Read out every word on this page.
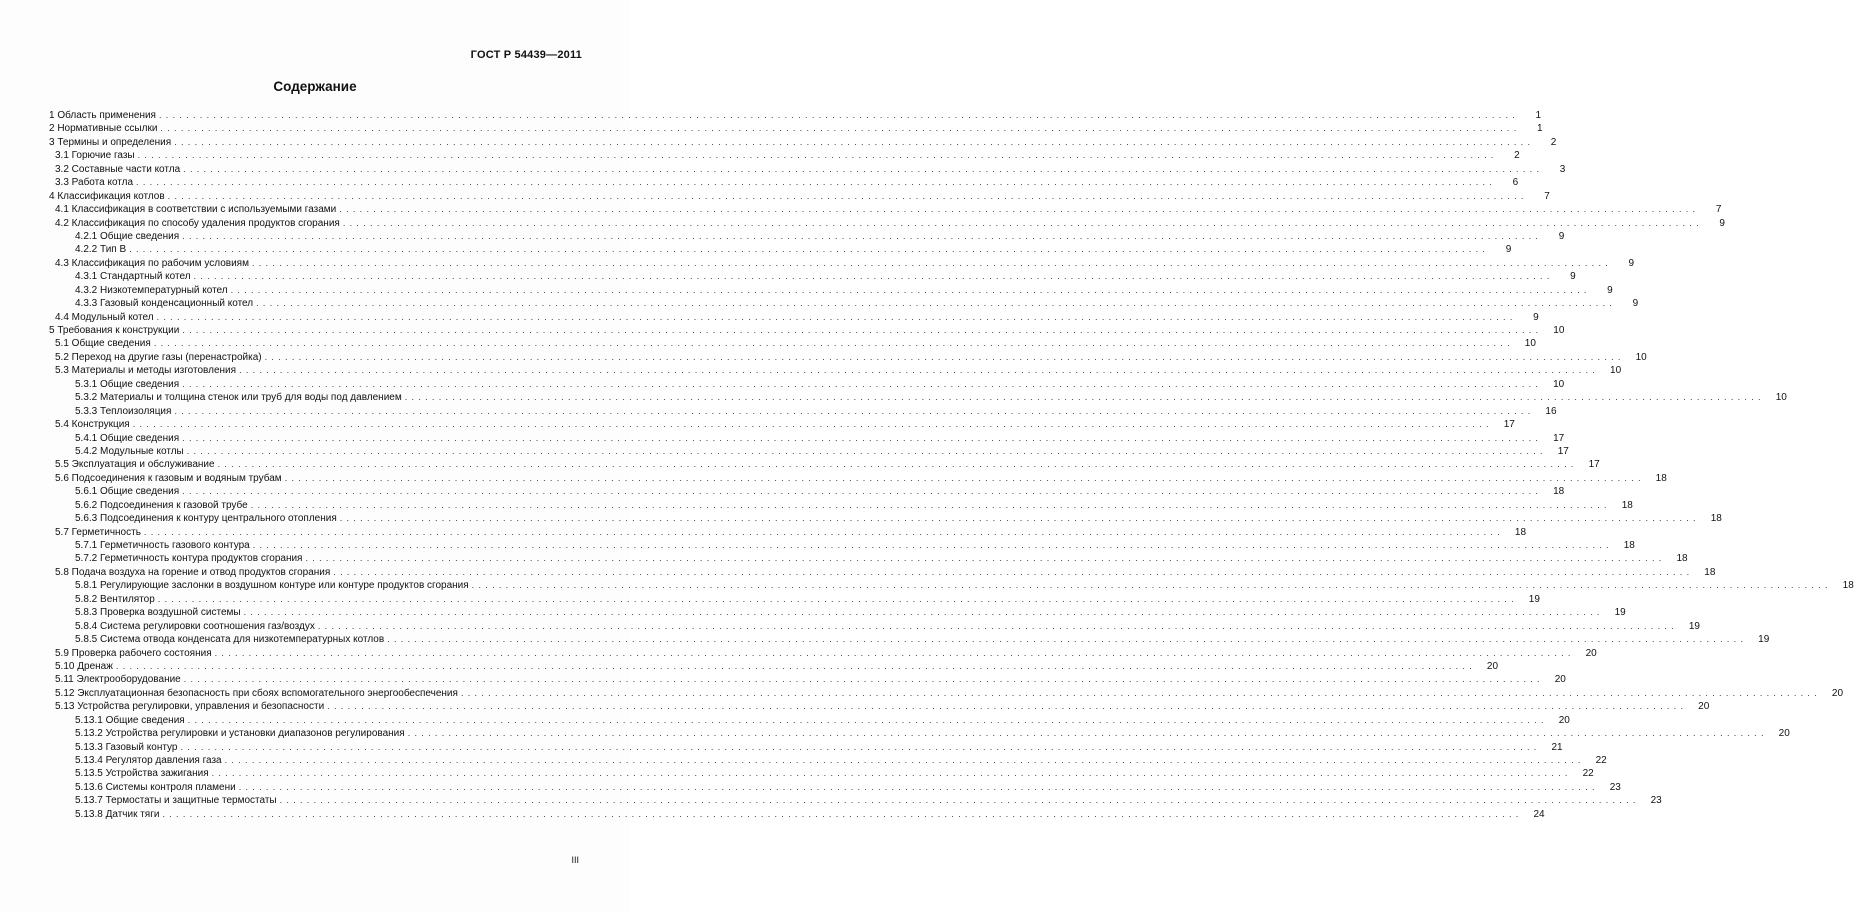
ГОСТ Р 54439—2011
Содержание
1 Область применения ........................................................................................................................................................................................................	1
2 Нормативные ссылки ........................................................................................................................................................................................................	1
3 Термины и определения ........................................................................................................................................................................................................	2
3.1 Горючие газы ........................................................................................................................................................................................................	2
3.2 Составные части котла ........................................................................................................................................................................................................	3
3.3 Работа котла ........................................................................................................................................................................................................	6
4 Классификация котлов ........................................................................................................................................................................................................	7
4.1 Классификация в соответствии с используемыми газами ........................................................................................................................................................................................................	7
4.2 Классификация по способу удаления продуктов сгорания ........................................................................................................................................................................................................	9
4.2.1 Общие сведения ........................................................................................................................................................................................................	9
4.2.2 Тип В ........................................................................................................................................................................................................	9
4.3 Классификация по рабочим условиям ........................................................................................................................................................................................................	9
4.3.1 Стандартный котел ........................................................................................................................................................................................................	9
4.3.2 Низкотемпературный котел ........................................................................................................................................................................................................	9
4.3.3 Газовый конденсационный котел ........................................................................................................................................................................................................	9
4.4 Модульный котел ........................................................................................................................................................................................................	9
5 Требования к конструкции ........................................................................................................................................................................................................	10
5.1 Общие сведения ........................................................................................................................................................................................................	10
5.2 Переход на другие газы (перенастройка) ........................................................................................................................................................................................................	10
5.3 Материалы и методы изготовления ........................................................................................................................................................................................................	10
5.3.1 Общие сведения ........................................................................................................................................................................................................	10
5.3.2 Материалы и толщина стенок или труб для воды под давлением ........................................................................................................................................................................................................	10
5.3.3 Теплоизоляция ........................................................................................................................................................................................................	16
5.4 Конструкция ........................................................................................................................................................................................................	17
5.4.1 Общие сведения ........................................................................................................................................................................................................	17
5.4.2 Модульные котлы ........................................................................................................................................................................................................	17
5.5 Эксплуатация и обслуживание ........................................................................................................................................................................................................	17
5.6 Подсоединения к газовым и водяным трубам ........................................................................................................................................................................................................	18
5.6.1 Общие сведения ........................................................................................................................................................................................................	18
5.6.2 Подсоединения к газовой трубе ........................................................................................................................................................................................................	18
5.6.3 Подсоединения к контуру центрального отопления ........................................................................................................................................................................................................	18
5.7 Герметичность ........................................................................................................................................................................................................	18
5.7.1 Герметичность газового контура ........................................................................................................................................................................................................	18
5.7.2 Герметичность контура продуктов сгорания ........................................................................................................................................................................................................	18
5.8 Подача воздуха на горение и отвод продуктов сгорания ........................................................................................................................................................................................................	18
5.8.1 Регулирующие заслонки в воздушном контуре или контуре продуктов сгорания ........................................................................................................................................................................................................	18
5.8.2 Вентилятор ........................................................................................................................................................................................................	19
5.8.3 Проверка воздушной системы ........................................................................................................................................................................................................	19
5.8.4 Система регулировки соотношения газ/воздух ........................................................................................................................................................................................................	19
5.8.5 Система отвода конденсата для низкотемпературных котлов ........................................................................................................................................................................................................	19
5.9 Проверка рабочего состояния ........................................................................................................................................................................................................	20
5.10 Дренаж ........................................................................................................................................................................................................	20
5.11 Электрооборудование ........................................................................................................................................................................................................	20
5.12 Эксплуатационная безопасность при сбоях вспомогательного энергообеспечения ........................................................................................................................................................................................................	20
5.13 Устройства регулировки, управления и безопасности ........................................................................................................................................................................................................	20
5.13.1 Общие сведения ........................................................................................................................................................................................................	20
5.13.2 Устройства регулировки и установки диапазонов регулирования ........................................................................................................................................................................................................	20
5.13.3 Газовый контур ........................................................................................................................................................................................................	21
5.13.4 Регулятор давления газа ........................................................................................................................................................................................................	22
5.13.5 Устройства зажигания ........................................................................................................................................................................................................	22
5.13.6 Системы контроля пламени ........................................................................................................................................................................................................	23
5.13.7 Термостаты и защитные термостаты ........................................................................................................................................................................................................	23
5.13.8 Датчик тяги ........................................................................................................................................................................................................	24
III
